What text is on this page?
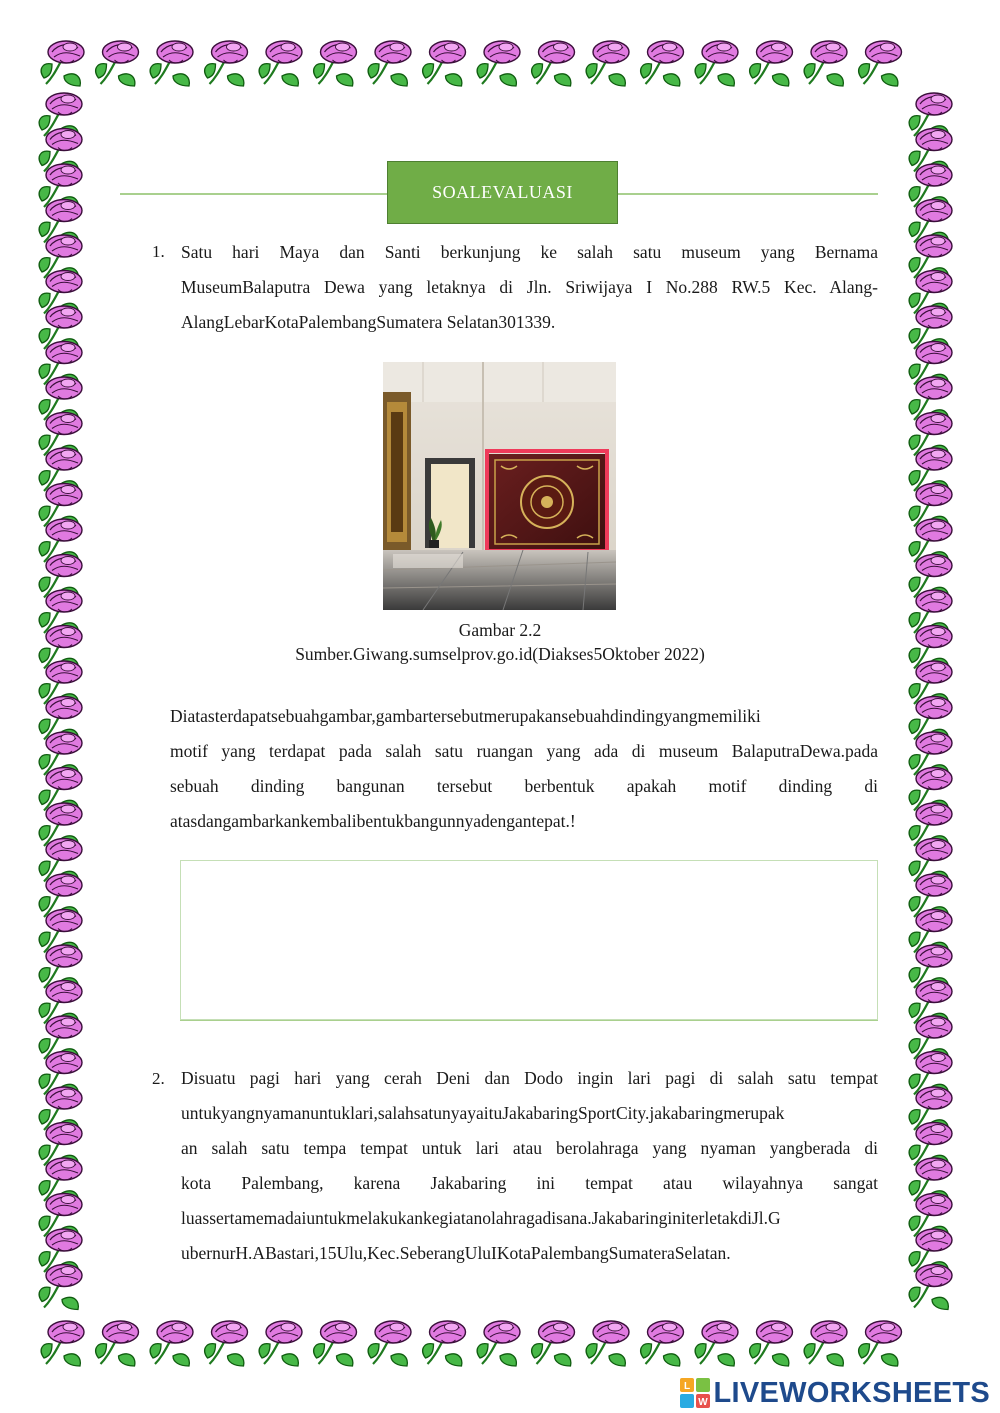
SOALEVALUASI
1. Satu hari Maya dan Santi berkunjung ke salah satu museum yang Bernama
MuseumBalaputra Dewa yang letaknya di Jln. Sriwijaya I No.288 RW.5 Kec. Alang-
AlangLebarKotaPalembangSumatera Selatan301339.
Gambar 2.2
Sumber.Giwang.sumselprov.go.id(Diakses5Oktober 2022)
Diatasterdapatsebuahgambar,gambartersebutmerupakansebuahdindingyangmemiliki
motif yang terdapat pada salah satu ruangan yang ada di museum BalaputraDewa.pada
sebuah dinding bangunan tersebut berbentuk apakah motif dinding di
atasdangambarkankembalibentukbangunnyadengantepat.!
2. Disuatu pagi hari yang cerah Deni dan Dodo ingin lari pagi di salah satu tempat
untukyangnyamanuntuklari,salahsatunyayaituJakabaringSportCity.jakabaringmerupak
an salah satu tempa tempat untuk lari atau berolahraga yang nyaman yangberada di
kota Palembang, karena Jakabaring ini tempat atau wilayahnya sangat
luassertamemadaiuntukmelakukankegiatanolahragadisana.JakabaringiniterletakdiJl.G
ubernurH.ABastari,15Ulu,Kec.SeberangUluIKotaPalembangSumateraSelatan.
L
W LIVEWORKSHEETS
